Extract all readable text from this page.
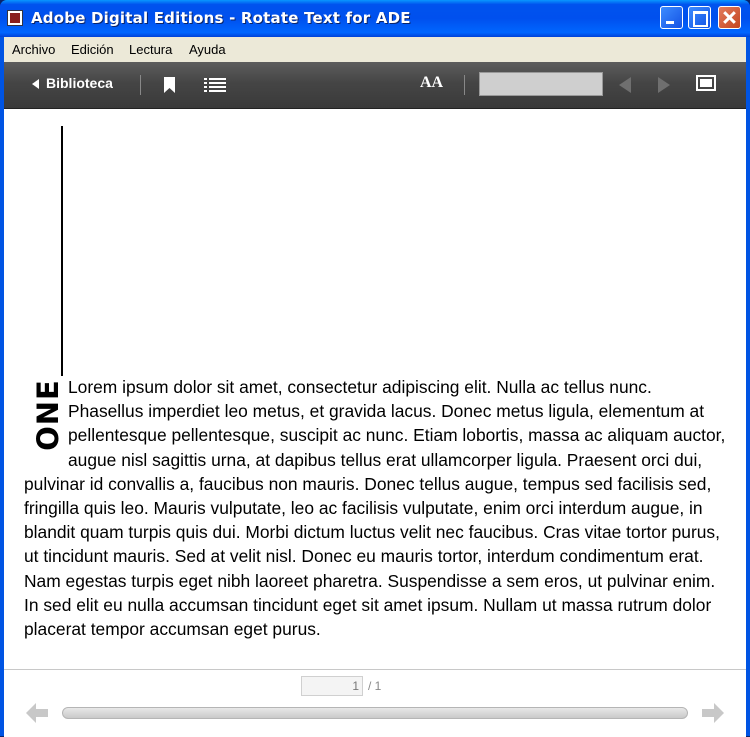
Adobe Digital Editions - Rotate Text for ADE
Archivo Edición Lectura Ayuda
Biblioteca	AA
ONE Lorem ipsum dolor sit amet, consectetur adipiscing elit. Nulla ac tellus nunc. Phasellus imperdiet leo metus, et gravida lacus. Donec metus ligula, elementum at pellentesque pellentesque, suscipit ac nunc. Etiam lobortis, massa ac aliquam auctor, augue nisl sagittis urna, at dapibus tellus erat ullamcorper ligula. Praesent orci dui, pulvinar id convallis a, faucibus non mauris. Donec tellus augue, tempus sed facilisis sed, fringilla quis leo. Mauris vulputate, leo ac facilisis vulputate, enim orci interdum augue, in blandit quam turpis quis dui. Morbi dictum luctus velit nec faucibus. Cras vitae tortor purus, ut tincidunt mauris. Sed at velit nisl. Donec eu mauris tortor, interdum condimentum erat. Nam egestas turpis eget nibh laoreet pharetra. Suspendisse a sem eros, ut pulvinar enim. In sed elit eu nulla accumsan tincidunt eget sit amet ipsum. Nullam ut massa rutrum dolor placerat tempor accumsan eget purus.

1 / 1
